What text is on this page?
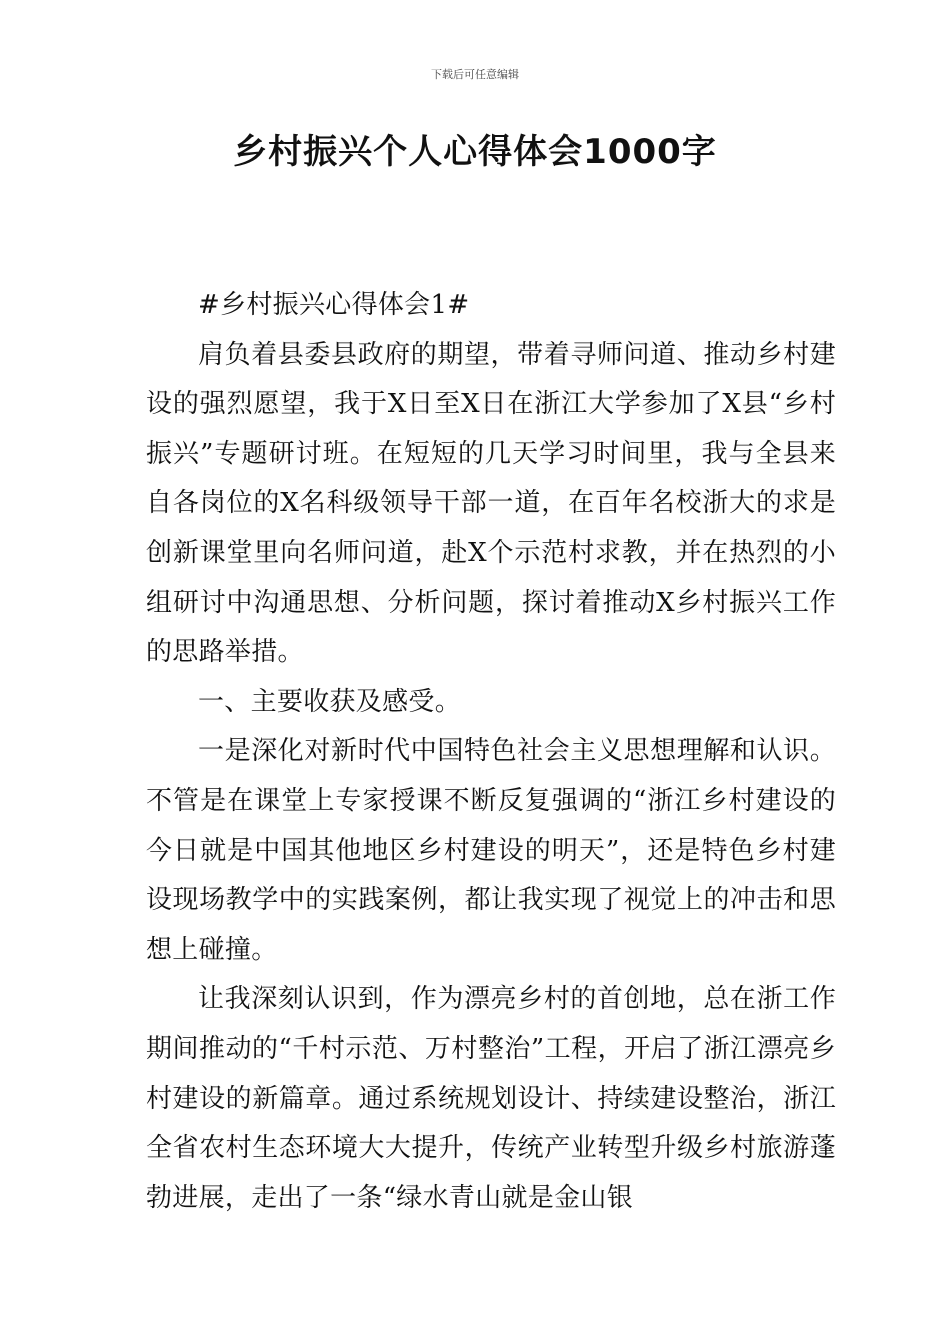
下载后可任意编辑
乡村振兴个人心得体会1000字

#乡村振兴心得体会1#

肩负着县委县政府的期望，带着寻师问道、推动乡村建设的强烈愿望，我于X日至X日在浙江大学参加了X县“乡村振兴”专题研讨班。在短短的几天学习时间里，我与全县来自各岗位的X名科级领导干部一道，在百年名校浙大的求是创新课堂里向名师问道，赴X个示范村求教，并在热烈的小组研讨中沟通思想、分析问题，探讨着推动X乡村振兴工作的思路举措。

一、主要收获及感受。

一是深化对新时代中国特色社会主义思想理解和认识。不管是在课堂上专家授课不断反复强调的“浙江乡村建设的今日就是中国其他地区乡村建设的明天”，还是特色乡村建设现场教学中的实践案例，都让我实现了视觉上的冲击和思想上碰撞。

让我深刻认识到，作为漂亮乡村的首创地，总在浙工作期间推动的“千村示范、万村整治”工程，开启了浙江漂亮乡村建设的新篇章。通过系统规划设计、持续建设整治，浙江全省农村生态环境大大提升，传统产业转型升级乡村旅游蓬勃进展，走出了一条“绿水青山就是金山银
